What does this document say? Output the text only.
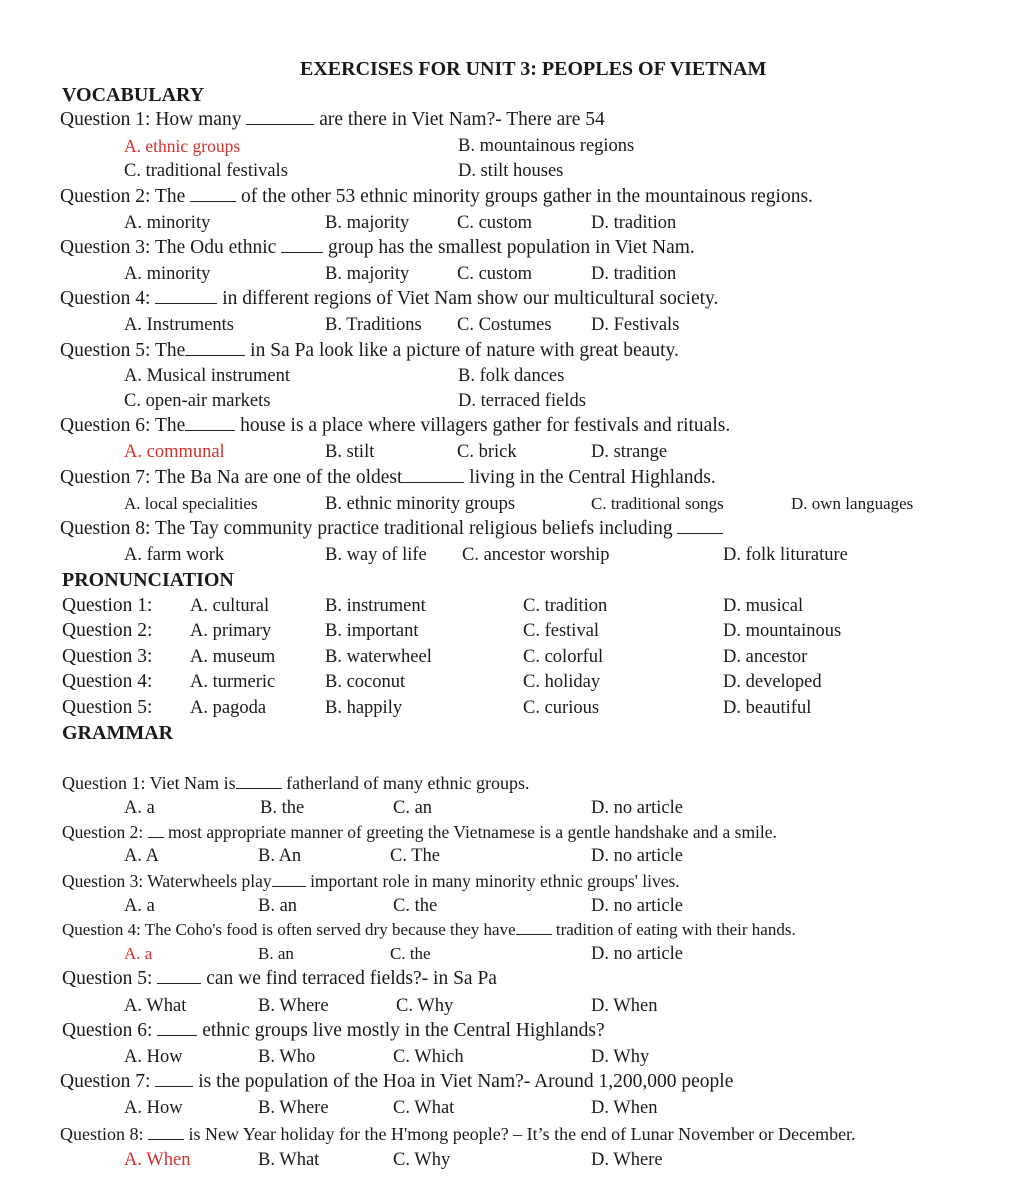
EXERCISES FOR UNIT 3: PEOPLES OF VIETNAM
VOCABULARY
Question 1: How many	are there in Viet Nam?- There are 54
A. ethnic groups	B. mountainous regions
C. traditional festivals	D. stilt houses
Question 2: The  of the other 53 ethnic minority groups gather in the mountainous regions.
A. minority	B. majority	C. custom	D. tradition
Question 3: The Odu ethnic  group has the smallest population in Viet Nam.
A. minority	B. majority	C. custom	D. tradition
Question 4:	in different regions of Viet Nam show our multicultural society.
A. Instruments	B. Traditions C. Costumes D. Festivals
Question 5: The	in Sa Pa look like a picture of nature with great beauty.
A. Musical instrument	B. folk dances
C. open-air markets	D. terraced fields
Question 6: The	house is a place where villagers gather for festivals and rituals.
A. communal	B. stilt	C. brick	D. strange
Question 7: The Ba Na are one of the oldest	living in the Central Highlands.
A. local specialities	B. ethnic minority groups	C. traditional songs	D. own languages
Question 8: The Tay community practice traditional religious beliefs including
A. farm work	B. way of life C. ancestor worship	D. folk liturature
PRONUNCIATION
Question 1: A. cultural	B. instrument	C. tradition	D. musical
Question 2: A. primary	B. important	C. festival	D. mountainous
Question 3: A. museum	B. waterwheel	C. colorful	D. ancestor
Question 4: A. turmeric	B. coconut	C. holiday	D. developed
Question 5: A. pagoda	B. happily	C. curious	D. beautiful
GRAMMAR
Question 1: Viet Nam is	fatherland of many ethnic groups.
A. a	B. the	C. an	D. no article
Question 2:  most appropriate manner of greeting the Vietnamese is a gentle handshake and a smile.
A. A	B. An	C. The	D. no article
Question 3: Waterwheels play important role in many minority ethnic groups' lives.
A. a	B. an	C. the	D. no article
Question 4: The Coho's food is often served dry because they have tradition of eating with their hands.
A. a	B. an	C. the	D. no article
Question 5:  can we find terraced fields?- in Sa Pa
A. What	B. Where	C. Why	D. When
Question 6:  ethnic groups live mostly in the Central Highlands?
A. How	B. Who	C. Which	D. Why
Question 7:  is the population of the Hoa in Viet Nam?- Around 1,200,000 people
A. How	B. Where	C. What	D. When
Question 8:  is New Year holiday for the H'mong people? – It’s the end of Lunar November or December.
A. When	B. What	C. Why	D. Where
